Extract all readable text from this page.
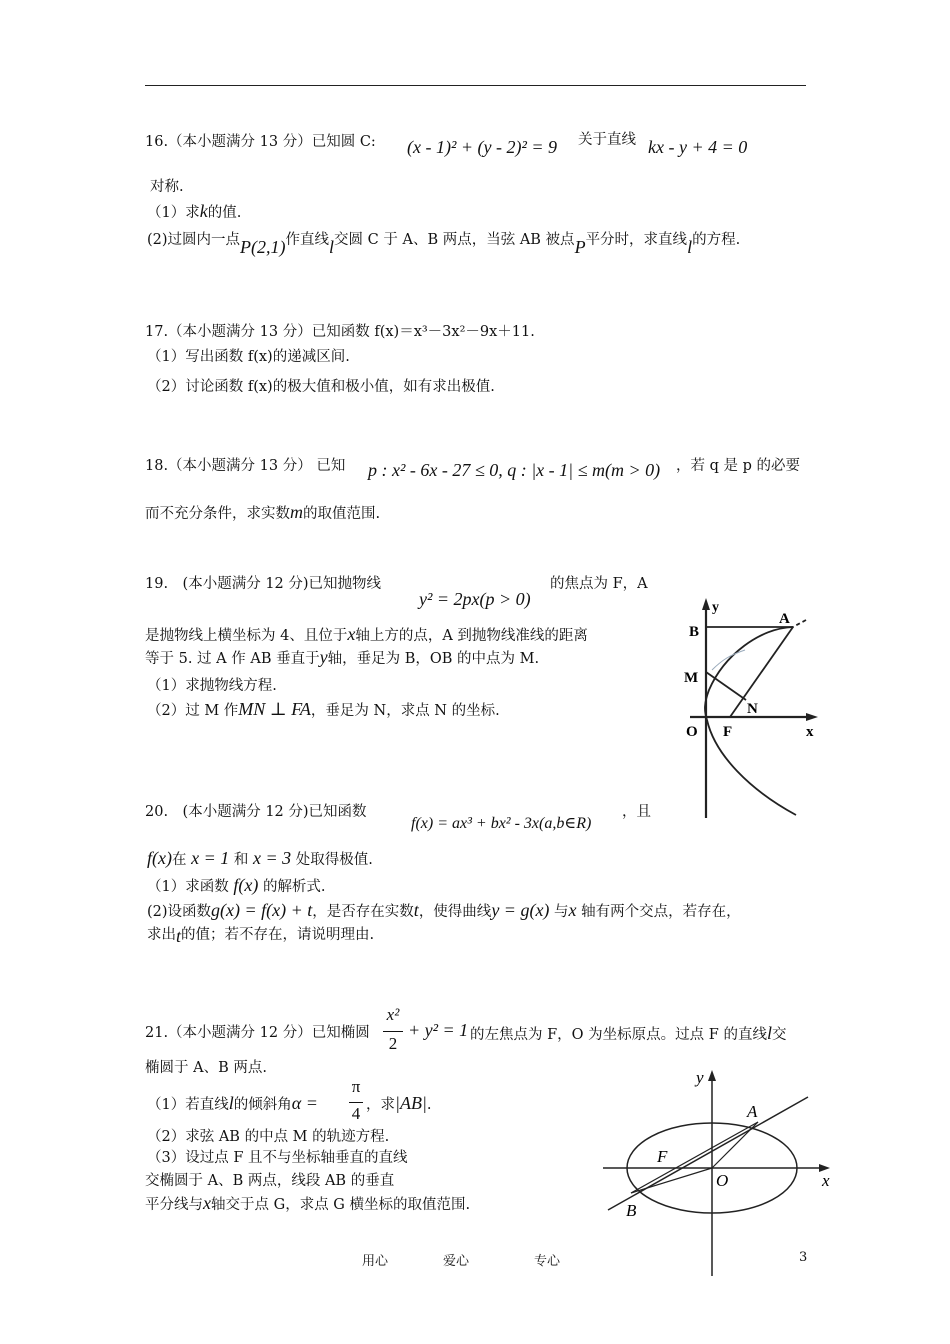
16.（本小题满分 13 分）已知圆 C: (x - 1)² + (y - 2)² = 9 关于直线 kx - y + 4 = 0
对称.
（1）求k的值.
(2)过圆内一点P(2,1)作直线l交圆 C 于 A、B 两点，当弦 AB 被点P平分时，求直线l的方程.
17.（本小题满分 13 分）已知函数 f(x)＝x³－3x²－9x＋11.
（1）写出函数 f(x)的递减区间.
（2）讨论函数 f(x)的极大值和极小值，如有求出极值.
18.（本小题满分 13 分） 已知 p : x² - 6x - 27 ≤ 0, q : |x - 1| ≤ m(m > 0) ，若 q 是 p 的必要
而不充分条件，求实数m的取值范围.
19.　(本小题满分 12 分)已知抛物线
y² = 2px(p > 0)
的焦点为 F，A
是抛物线上横坐标为 4、且位于x轴上方的点，A 到抛物线准线的距离
等于 5. 过 A 作 AB 垂直于y轴，垂足为 B，OB 的中点为 M.
（1）求抛物线方程.
（2）过 M 作MN ⊥ FA，垂足为 N，求点 N 的坐标.
y
B
A
M
N
O F	x
20.　(本小题满分 12 分)已知函数
f(x) = ax³ + bx² - 3x(a,b∈R)
，且
f(x)在 x = 1 和 x = 3 处取得极值.
（1）求函数 f(x) 的解析式.
(2)设函数g(x) = f(x) + t，是否存在实数t，使得曲线y = g(x) 与x 轴有两个交点，若存在，
求出t的值；若不存在，请说明理由.
21.（本小题满分 12 分）已知椭圆
x²
2
+ y² = 1 的左焦点为 F，O 为坐标原点。过点 F 的直线l交
椭圆于 A、B 两点.
（1）若直线l的倾斜角α =
π
4 ，求|AB|.
（2）求弦 AB 的中点 M 的轨迹方程.
（3）设过点 F 且不与坐标轴垂直的直线
交椭圆于 A、B 两点，线段 AB 的垂直
平分线与x轴交于点 G，求点 G 横坐标的取值范围.
y
A
F
O	x
B
用心	爱心	专心	3
